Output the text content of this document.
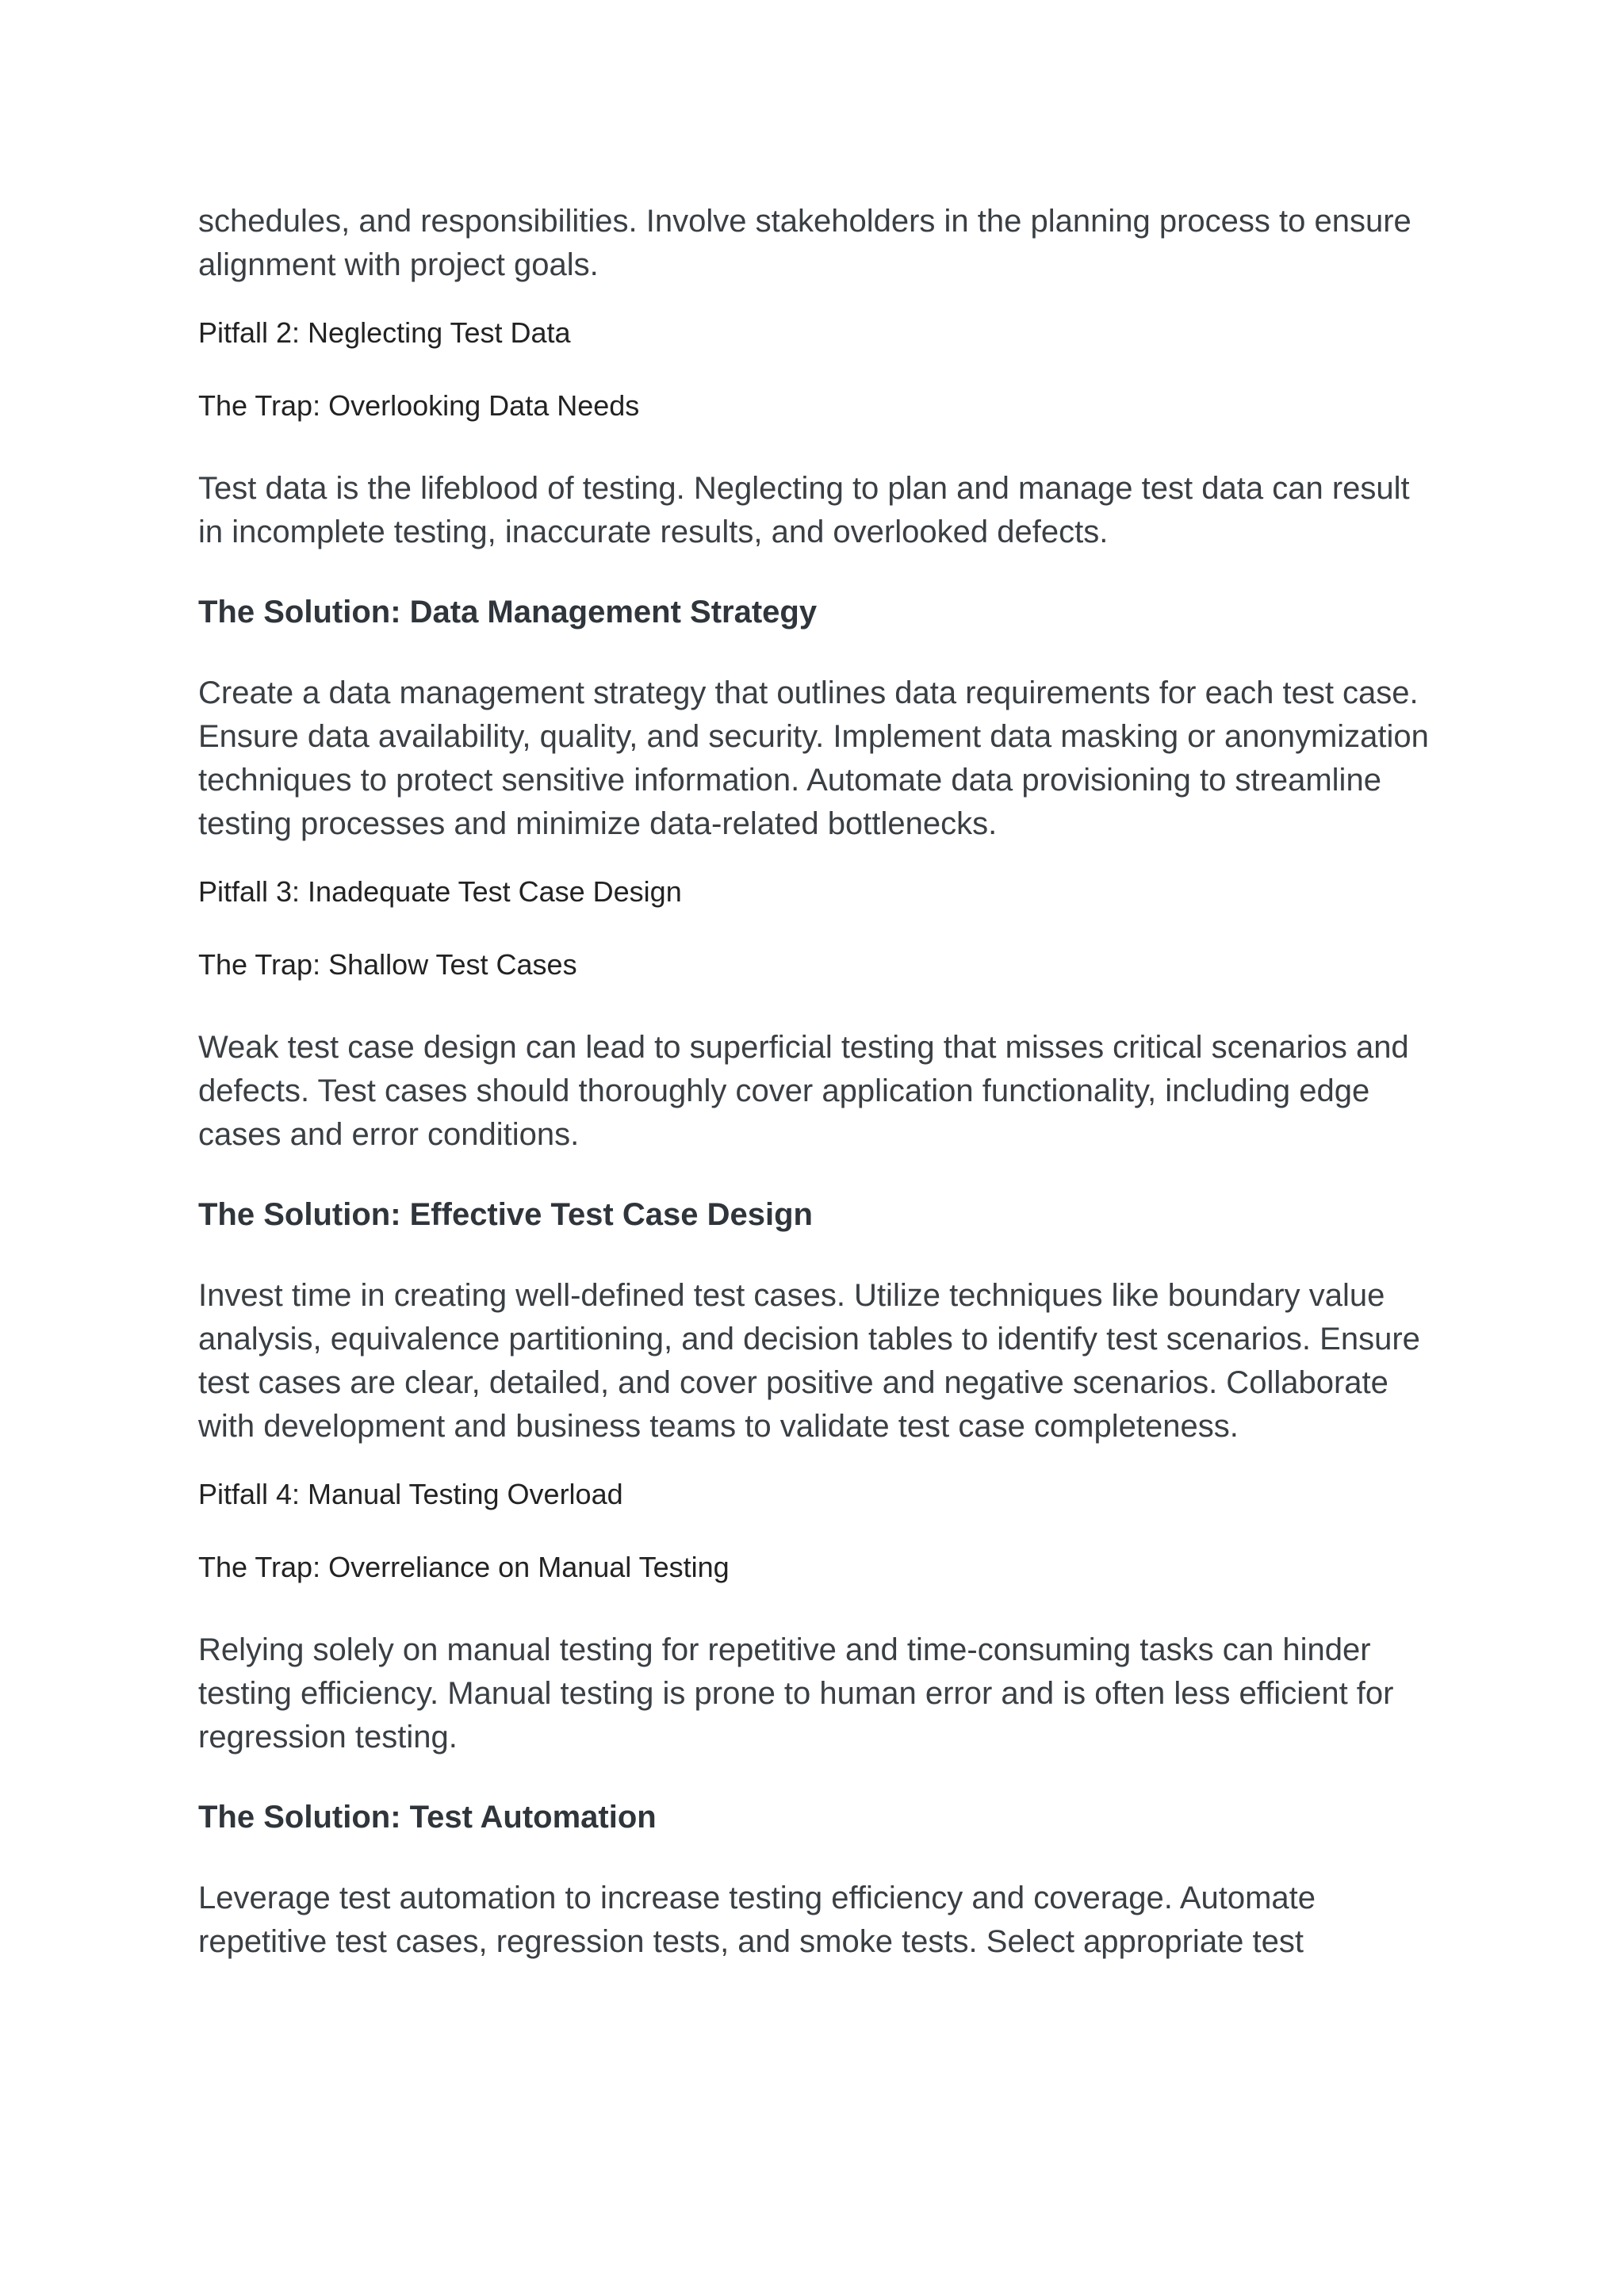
schedules, and responsibilities. Involve stakeholders in the planning process to ensure alignment with project goals.

Pitfall 2: Neglecting Test Data

The Trap: Overlooking Data Needs

Test data is the lifeblood of testing. Neglecting to plan and manage test data can result in incomplete testing, inaccurate results, and overlooked defects.

The Solution: Data Management Strategy

Create a data management strategy that outlines data requirements for each test case. Ensure data availability, quality, and security. Implement data masking or anonymization techniques to protect sensitive information. Automate data provisioning to streamline testing processes and minimize data-related bottlenecks.

Pitfall 3: Inadequate Test Case Design

The Trap: Shallow Test Cases

Weak test case design can lead to superficial testing that misses critical scenarios and defects. Test cases should thoroughly cover application functionality, including edge cases and error conditions.

The Solution: Effective Test Case Design

Invest time in creating well-defined test cases. Utilize techniques like boundary value analysis, equivalence partitioning, and decision tables to identify test scenarios. Ensure test cases are clear, detailed, and cover positive and negative scenarios. Collaborate with development and business teams to validate test case completeness.

Pitfall 4: Manual Testing Overload

The Trap: Overreliance on Manual Testing

Relying solely on manual testing for repetitive and time-consuming tasks can hinder testing efficiency. Manual testing is prone to human error and is often less efficient for regression testing.

The Solution: Test Automation

Leverage test automation to increase testing efficiency and coverage. Automate repetitive test cases, regression tests, and smoke tests. Select appropriate test
